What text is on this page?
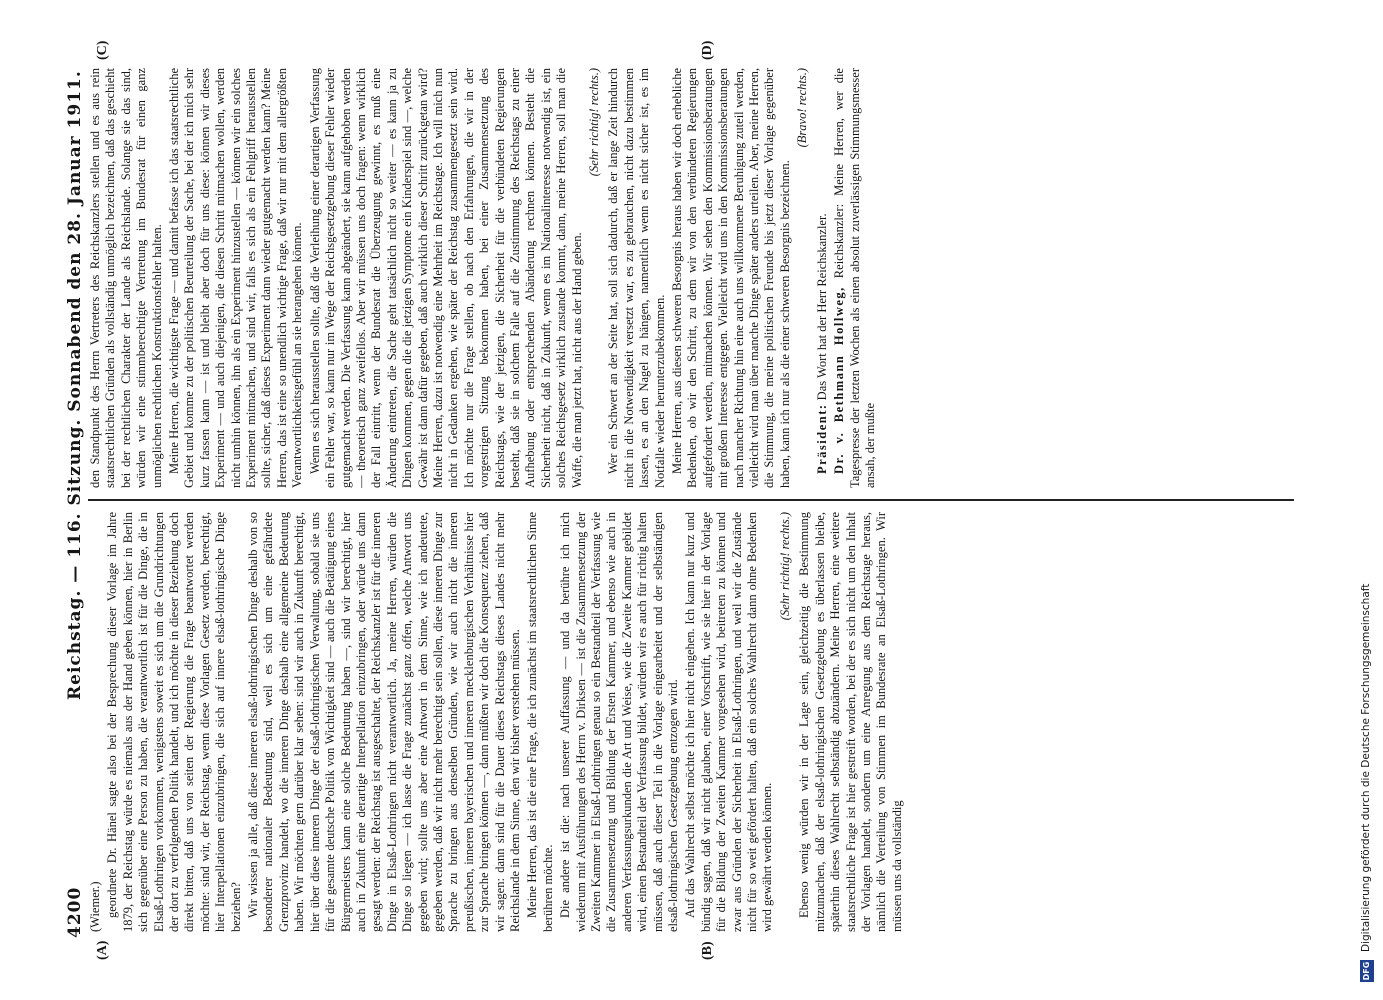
4200
Reichstag. — 116. Sitzung. Sonnabend den 28. Januar 1911.
(A)	(B)
(C)	(D)

(Wiemer.) geordnete Dr. Hänel sagte also bei der Besprechung dieser Vorlage im Jahre 1879, der Reichstag würde es niemals aus der Hand geben können, hier in Berlin sich gegenüber eine Person zu haben, die verantwortlich ist für die Dinge, die in Elsaß-Lothringen vorkommen, wenigstens soweit es sich um die Grundrichtungen der dort zu verfolgenden Politik handelt, und ich möchte in dieser Beziehung doch direkt bitten, daß uns von seiten der Regierung die Frage beantwortet werden möchte: sind wir, der Reichstag, wenn diese Vorlagen Gesetz werden, berechtigt, hier Interpellationen einzubringen, die sich auf innere elsaß-lothringische Dinge beziehen? Wir wissen ja alle, daß diese inneren elsaß-lothringischen Dinge deshalb von so besonderer nationaler Bedeutung sind, weil es sich um eine gefährdete Grenzprovinz handelt, wo die inneren Dinge deshalb eine allgemeine Bedeutung haben. Wir möchten gern darüber klar sehen: sind wir auch in Zukunft berechtigt, hier über diese inneren Dinge der elsaß-lothringischen Verwaltung, sobald sie uns für die gesamte deutsche Politik von Wichtigkeit sind — auch die Betätigung eines Bürgermeisters kann eine solche Bedeutung haben —, sind wir berechtigt, hier auch in Zukunft eine derartige Interpellation einzubringen, oder würde uns dann gesagt werden: der Reichstag ist ausgeschaltet, der Reichskanzler ist für die inneren Dinge in Elsaß-Lothringen nicht verantwortlich. Ja, meine Herren, würden die Dinge so liegen — ich lasse die Frage zunächst ganz offen, welche Antwort uns gegeben wird; sollte uns aber eine Antwort in dem Sinne, wie ich andeutete, gegeben werden, daß wir nicht mehr berechtigt sein sollen, diese inneren Dinge zur Sprache zu bringen aus denselben Gründen, wie wir auch nicht die inneren preußischen, inneren bayerischen und inneren mecklenburgischen Verhältnisse hier zur Sprache bringen können —, dann müßten wir doch die Konsequenz ziehen, daß wir sagen: dann sind für die Dauer dieses Reichstags dieses Landes nicht mehr Reichslande in dem Sinne, den wir bisher verstehen müssen. Meine Herren, das ist die eine Frage, die ich zunächst im staatsrechtlichen Sinne berühren möchte. Die andere ist die: nach unserer Auffassung — und da berühre ich mich wiederum mit Ausführungen des Herrn v. Dirksen — ist die Zusammensetzung der Zweiten Kammer in Elsaß-Lothringen genau so ein Bestandteil der Verfassung wie die Zusammensetzung und Bildung der Ersten Kammer, und ebenso wie auch in anderen Verfassungsurkunden die Art und Weise, wie die Zweite Kammer gebildet wird, einen Bestandteil der Verfassung bildet, würden wir es auch für richtig halten müssen, daß auch dieser Teil in die Vorlage eingearbeitet und der selbständigen elsaß-lothringischen Gesetzgebung entzogen wird. Auf das Wahlrecht selbst möchte ich hier nicht eingehen. Ich kann nur kurz und bündig sagen, daß wir nicht glauben, einer Vorschrift, wie sie hier in der Vorlage für die Bildung der Zweiten Kammer vorgesehen wird, beitreten zu können und zwar aus Gründen der Sicherheit in Elsaß-Lothringen, und weil wir die Zustände nicht für so weit gefördert halten, daß ein solches Wahlrecht dann ohne Bedenken wird gewährt werden können.

(Sehr richtig! rechts.) Ebenso wenig würden wir in der Lage sein, gleichzeitig die Bestimmung mitzumachen, daß der elsaß-lothringischen Gesetzgebung es überlassen bleibe, späterhin dieses Wahlrecht selbständig abzuändern. Meine Herren, eine weitere staatsrechtliche Frage ist hier gestreift worden, bei der es sich nicht um den Inhalt der Vorlagen handelt, sondern um eine Anregung aus dem Reichstage heraus, nämlich die Verteilung von Stimmen im Bundesrate an Elsaß-Lothringen. Wir müssen uns da vollständig

den Standpunkt des Herrn Vertreters des Reichskanzlers stellen und es aus rein staatsrechtlichen Gründen als vollständig unmöglich bezeichnen, daß das geschieht bei der rechtlichen Charakter der Lande als Reichslande. Solange sie das sind, würden wir eine stimmberechtigte Vertretung im Bundesrat für einen ganz unmöglichen rechtlichen Konstruktionsfehler halten. Meine Herren, die wichtigste Frage — und damit befasse ich das staatsrechtliche Gebiet und komme zu der politischen Beurteilung der Sache, bei der ich mich sehr kurz fassen kann — ist und bleibt aber doch für uns diese: können wir dieses Experiment — und auch diejenigen, die diesen Schritt mitmachen wollen, werden nicht umhin können, ihn als ein Experiment hinzustellen — können wir ein solches Experiment mitmachen, und sind wir, falls es sich als ein Fehlgriff herausstellen sollte, sicher, daß dieses Experiment dann wieder gutgemacht werden kann? Meine Herren, das ist eine so unendlich wichtige Frage, daß wir nur mit dem allergrößten Verantwortlichkeitsgefühl an sie herangehen können. Wenn es sich herausstellen sollte, daß die Verleihung einer derartigen Verfassung ein Fehler war, so kann nur im Wege der Reichsgesetzgebung dieser Fehler wieder gutgemacht werden. Die Verfassung kann abgeändert, sie kann aufgehoben werden — theoretisch ganz zweifellos. Aber wir müssen uns doch fragen: wenn wirklich der Fall eintritt, wenn der Bundesrat die Überzeugung gewinnt, es muß eine Änderung eintreten, die Sache geht tatsächlich nicht so weiter — es kann ja zu Dingen kommen, gegen die die jetzigen Symptome ein Kinderspiel sind —, welche Gewähr ist dann dafür gegeben, daß auch wirklich dieser Schritt zurückgetan wird? Meine Herren, dazu ist notwendig eine Mehrheit im Reichstage. Ich will mich nun nicht in Gedanken ergehen, wie später der Reichstag zusammengesetzt sein wird. Ich möchte nur die Frage stellen, ob nach den Erfahrungen, die wir in der vorgestrigen Sitzung bekommen haben, bei einer Zusammensetzung des Reichstags, wie der jetzigen, die Sicherheit für die verbündeten Regierungen besteht, daß sie in solchem Falle auf die Zustimmung des Reichstags zu einer Aufhebung oder entsprechenden Abänderung rechnen können. Besteht die Sicherheit nicht, daß in Zukunft, wenn es im Nationalinteresse notwendig ist, ein solches Reichsgesetz wirklich zustande kommt, dann, meine Herren, soll man die Waffe, die man jetzt hat, nicht aus der Hand geben.

(Sehr richtig! rechts.) Wer ein Schwert an der Seite hat, soll sich dadurch, daß er lange Zeit hindurch nicht in die Notwendigkeit versetzt war, es zu gebrauchen, nicht dazu bestimmen lassen, es an den Nagel zu hängen, namentlich wenn es nicht sicher ist, es im Notfalle wieder herunterzubekommen. Meine Herren, aus diesen schweren Besorgnis heraus haben wir doch erhebliche Bedenken, ob wir den Schritt, zu dem wir von den verbündeten Regierungen aufgefordert werden, mitmachen können. Wir sehen den Kommissionsberatungen mit großem Interesse entgegen. Vielleicht wird uns in den Kommissionsberatungen nach mancher Richtung hin eine auch uns willkommene Beruhigung zuteil werden, vielleicht wird man über manche Dinge später anders urteilen. Aber, meine Herren, die Stimmung, die meine politischen Freunde bis jetzt dieser Vorlage gegenüber haben, kann ich nur als die einer schweren Besorgnis bezeichnen.

(Bravo! rechts.)

Präsident: Das Wort hat der Herr Reichskanzler. Dr. v. Bethmann Hollweg, Reichskanzler: Meine Herren, wer die Tagespresse der letzten Wochen als einen absolut zuverlässigen Stimmungsmesser ansah, der mußte

DFG
Digitalisierung gefördert durch die Deutsche Forschungsgemeinschaft
